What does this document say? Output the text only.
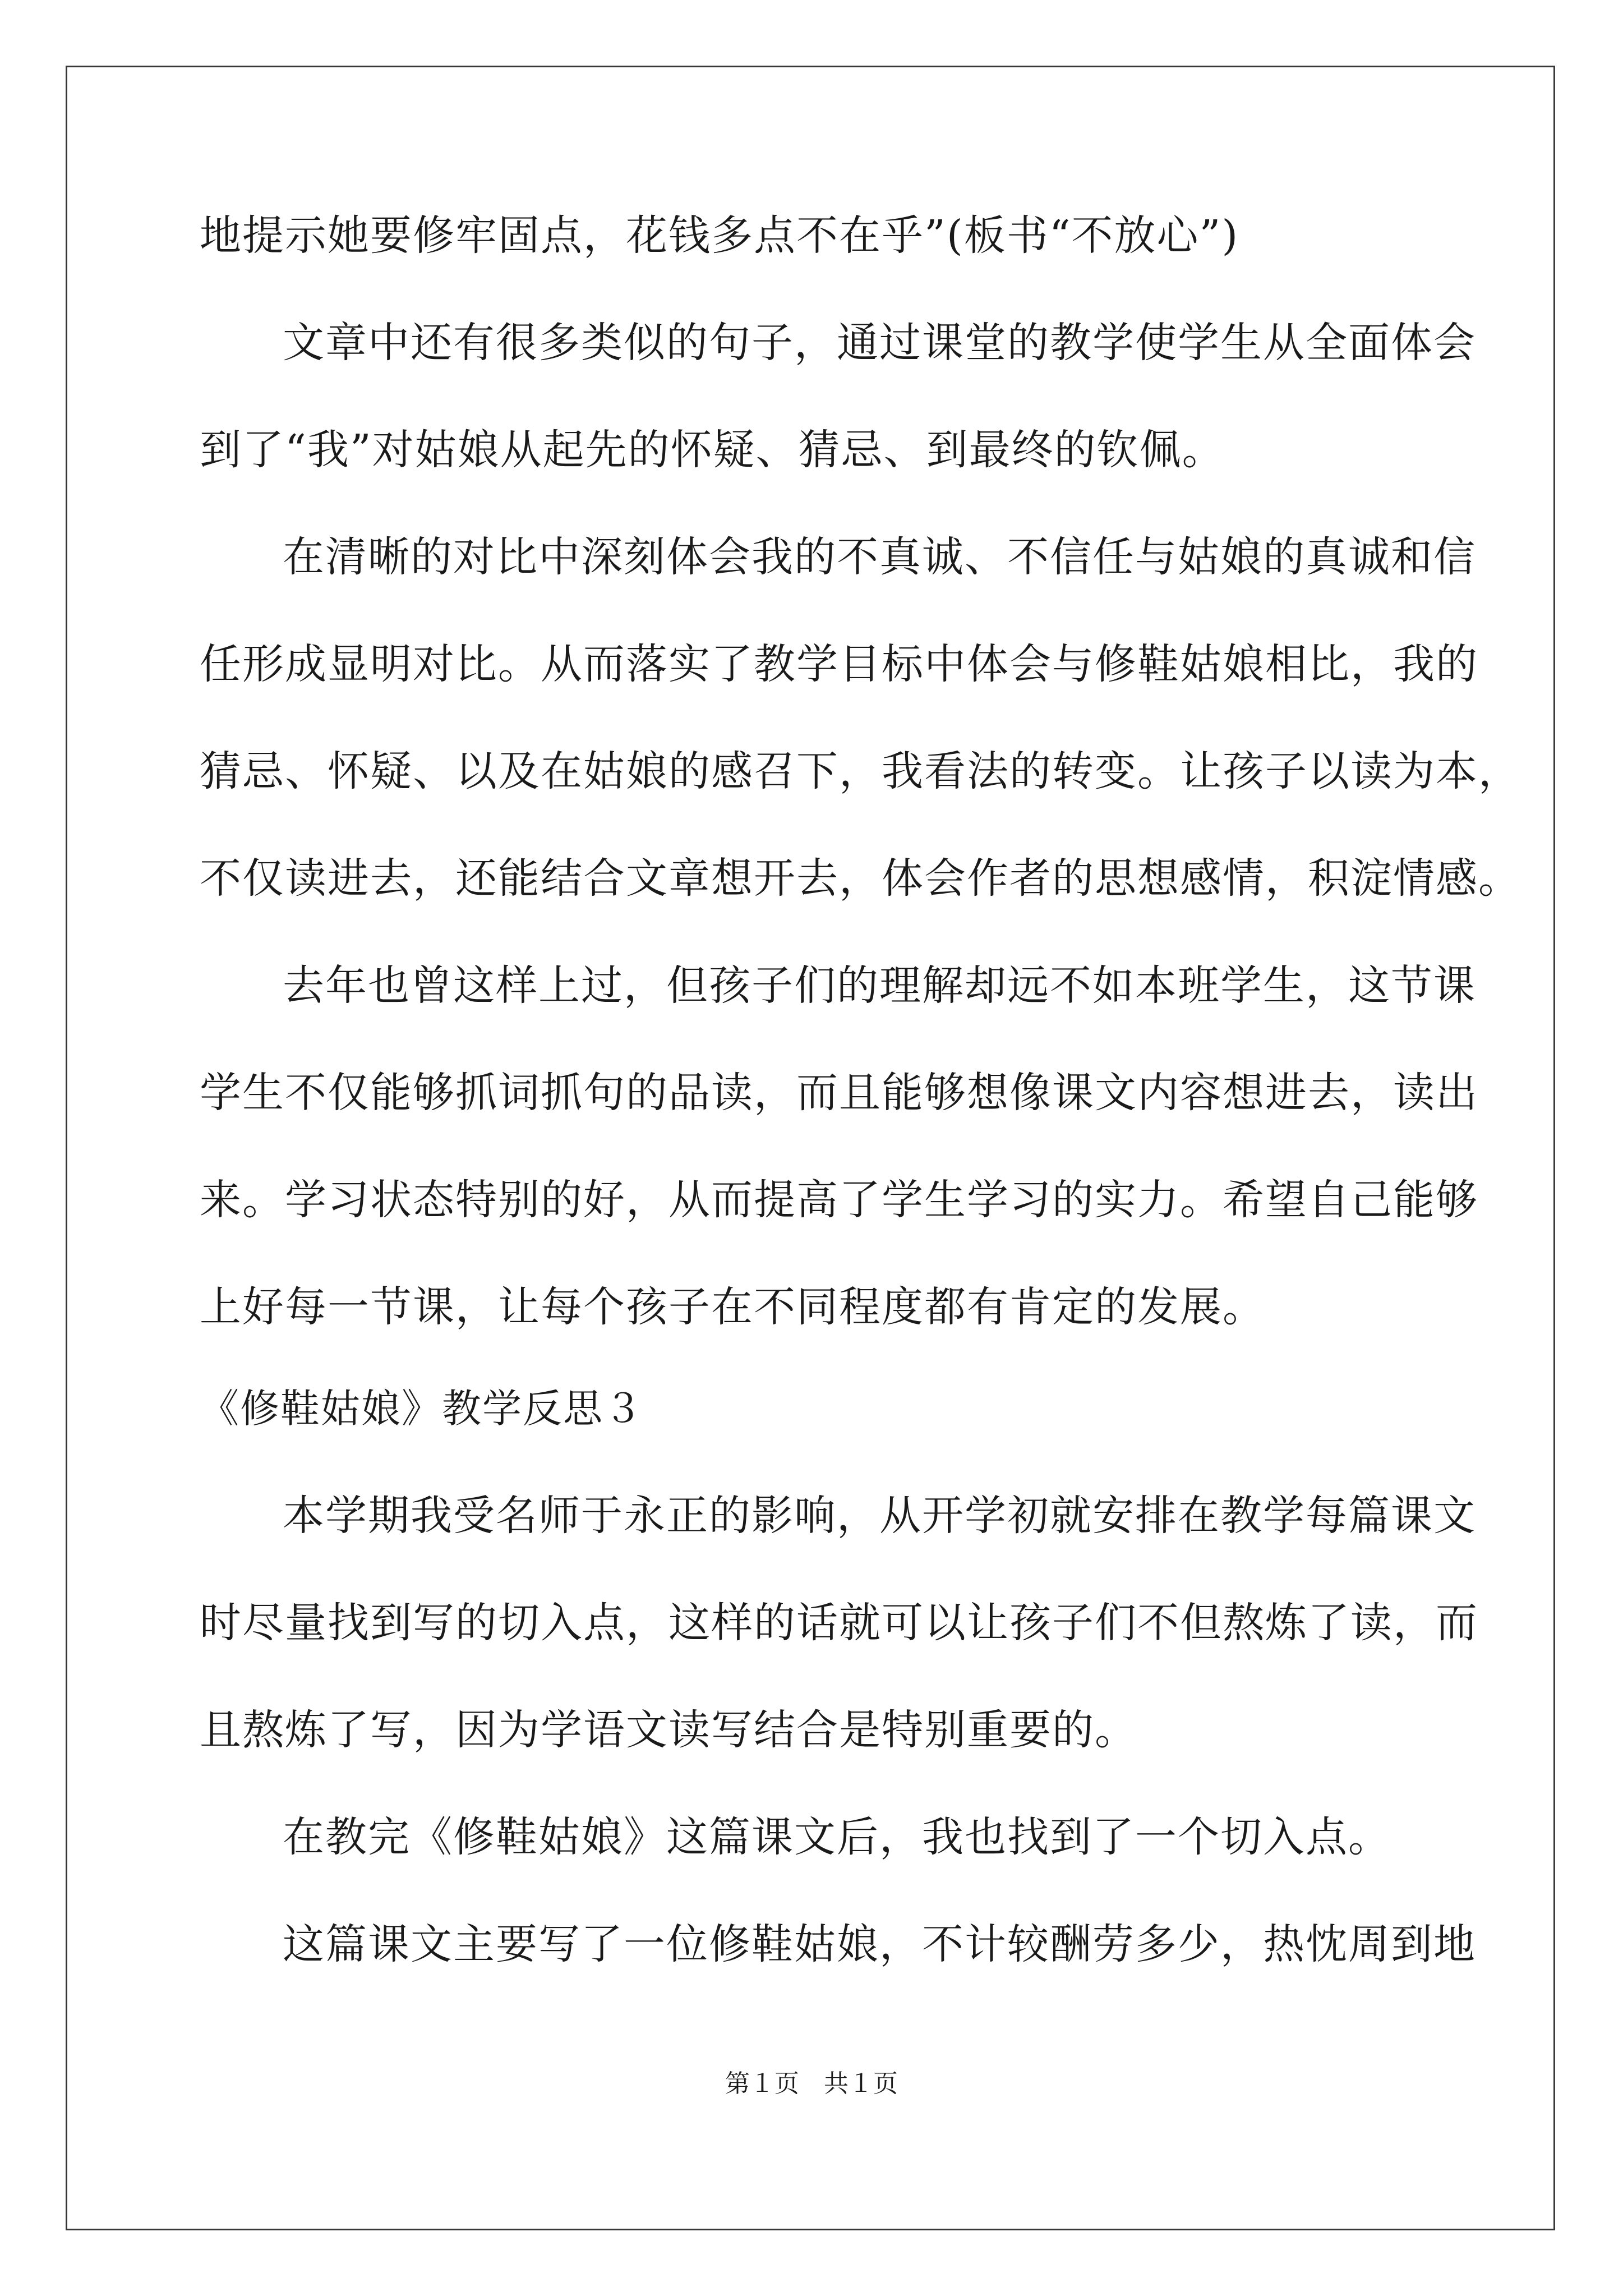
地提示她要修牢固点，花钱多点不在乎”(板书“不放心”)
文章中还有很多类似的句子，通过课堂的教学使学生从全面体会
到了“我”对姑娘从起先的怀疑、猜忌、到最终的钦佩。
在清晰的对比中深刻体会我的不真诚、不信任与姑娘的真诚和信
任形成显明对比。从而落实了教学目标中体会与修鞋姑娘相比，我的
猜忌、怀疑、以及在姑娘的感召下，我看法的转变。让孩子以读为本，
不仅读进去，还能结合文章想开去，体会作者的思想感情，积淀情感。
去年也曾这样上过，但孩子们的理解却远不如本班学生，这节课
学生不仅能够抓词抓句的品读，而且能够想像课文内容想进去，读出
来。学习状态特别的好，从而提高了学生学习的实力。希望自己能够
上好每一节课，让每个孩子在不同程度都有肯定的发展。
《修鞋姑娘》教学反思３
本学期我受名师于永正的影响，从开学初就安排在教学每篇课文
时尽量找到写的切入点，这样的话就可以让孩子们不但熬炼了读，而
且熬炼了写，因为学语文读写结合是特别重要的。
在教完《修鞋姑娘》这篇课文后，我也找到了一个切入点。
这篇课文主要写了一位修鞋姑娘，不计较酬劳多少，热忱周到地
第１页　共１页
